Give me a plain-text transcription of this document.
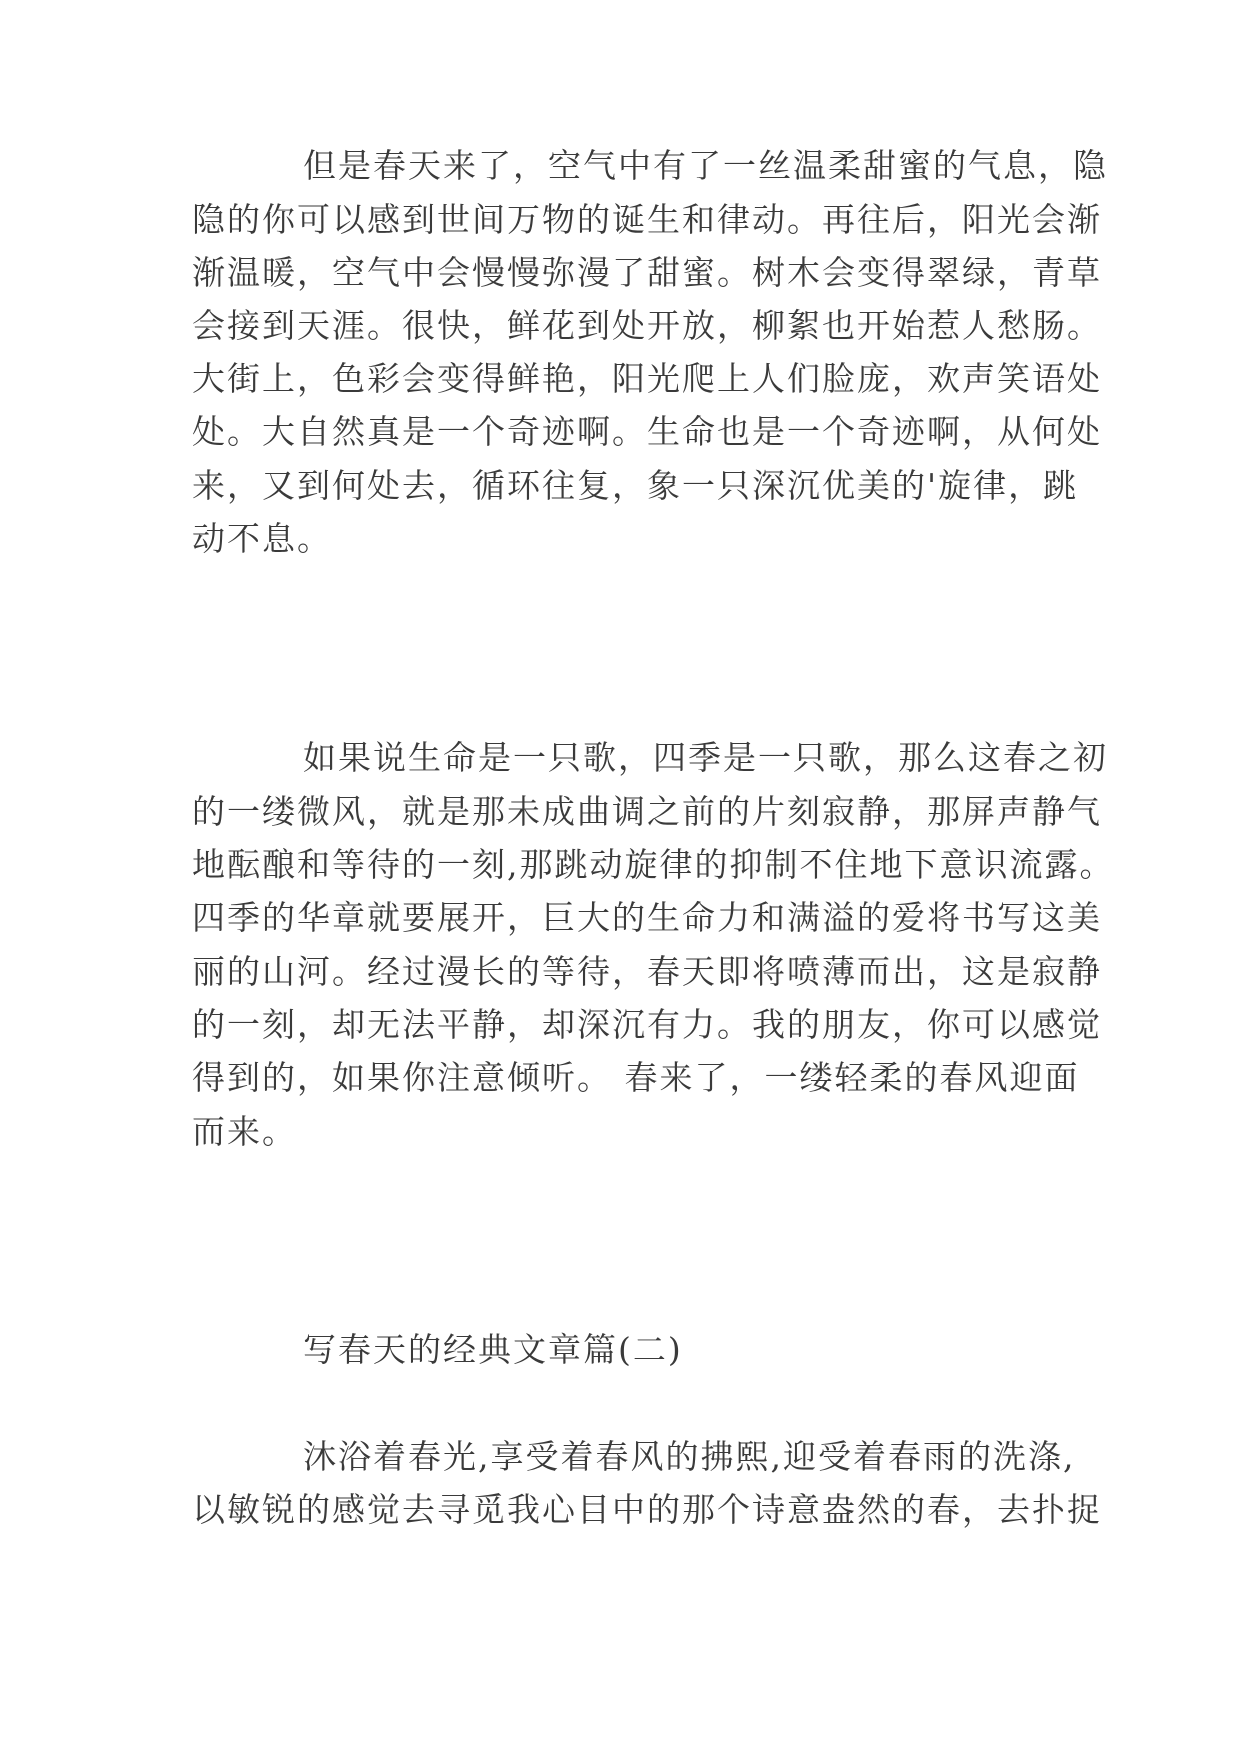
但是春天来了，空气中有了一丝温柔甜蜜的气息，隐
隐的你可以感到世间万物的诞生和律动。再往后，阳光会渐
渐温暖，空气中会慢慢弥漫了甜蜜。树木会变得翠绿，青草
会接到天涯。很快，鲜花到处开放，柳絮也开始惹人愁肠。
大街上，色彩会变得鲜艳，阳光爬上人们脸庞，欢声笑语处
处。大自然真是一个奇迹啊。生命也是一个奇迹啊，从何处
来，又到何处去，循环往复，象一只深沉优美的'旋律，跳
动不息。
如果说生命是一只歌，四季是一只歌，那么这春之初
的一缕微风，就是那未成曲调之前的片刻寂静，那屏声静气
地酝酿和等待的一刻,那跳动旋律的抑制不住地下意识流露。
四季的华章就要展开，巨大的生命力和满溢的爱将书写这美
丽的山河。经过漫长的等待，春天即将喷薄而出，这是寂静
的一刻，却无法平静，却深沉有力。我的朋友，你可以感觉
得到的，如果你注意倾听。 春来了，一缕轻柔的春风迎面
而来。
写春天的经典文章篇(二)
沐浴着春光,享受着春风的拂熙,迎受着春雨的洗涤,
以敏锐的感觉去寻觅我心目中的那个诗意盎然的春，去扑捉
